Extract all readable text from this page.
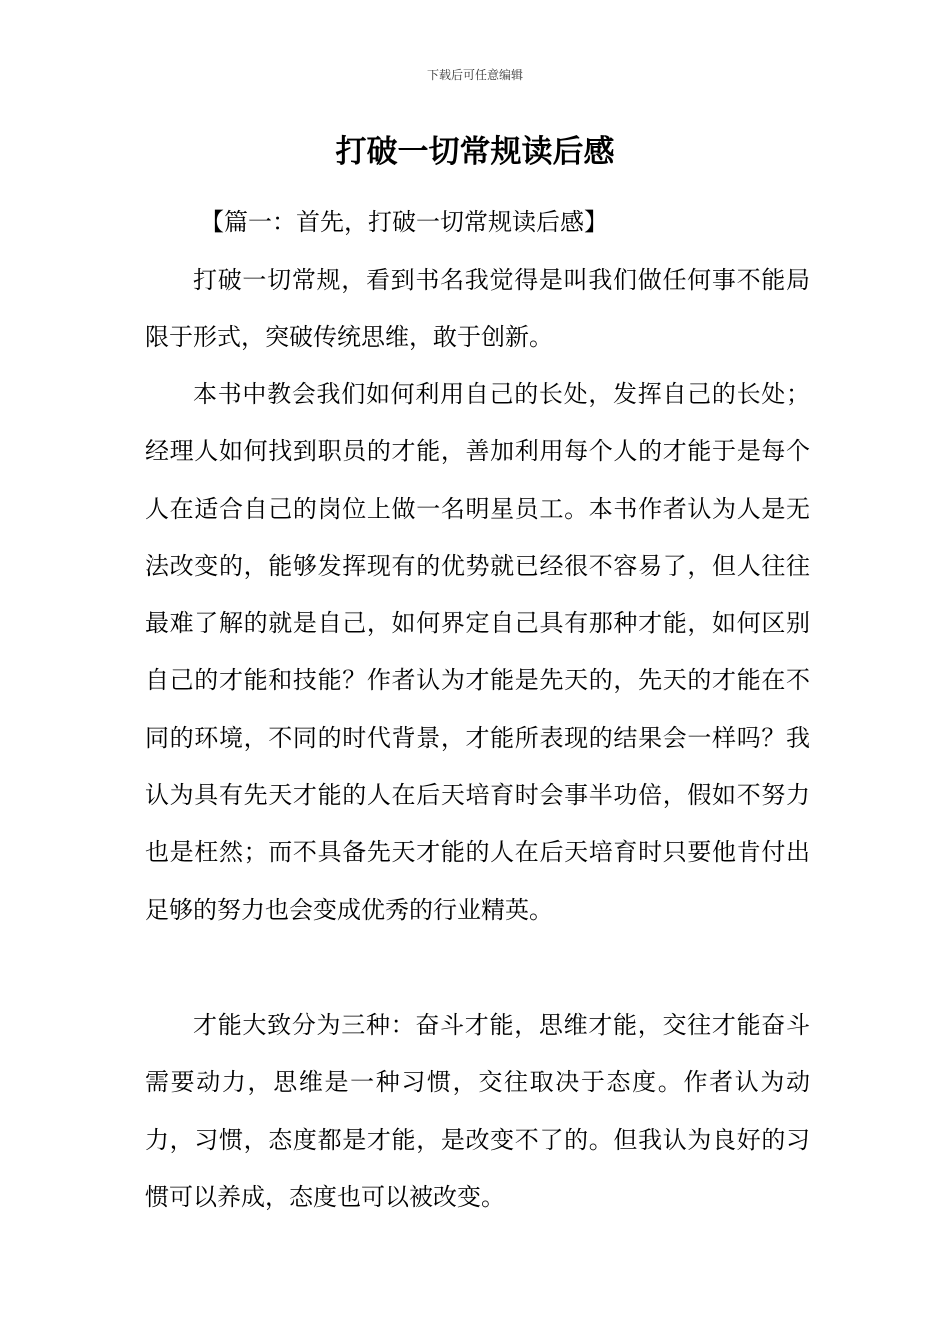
下载后可任意编辑
打破一切常规读后感

【篇一：首先，打破一切常规读后感】

打破一切常规，看到书名我觉得是叫我们做任何事不能局限于形式，突破传统思维，敢于创新。

本书中教会我们如何利用自己的长处，发挥自己的长处；经理人如何找到职员的才能，善加利用每个人的才能于是每个人在适合自己的岗位上做一名明星员工。本书作者认为人是无法改变的，能够发挥现有的优势就已经很不容易了，但人往往最难了解的就是自己，如何界定自己具有那种才能，如何区别自己的才能和技能？作者认为才能是先天的，先天的才能在不同的环境，不同的时代背景，才能所表现的结果会一样吗？我认为具有先天才能的人在后天培育时会事半功倍，假如不努力也是枉然；而不具备先天才能的人在后天培育时只要他肯付出足够的努力也会变成优秀的行业精英。

才能大致分为三种：奋斗才能，思维才能，交往才能奋斗需要动力，思维是一种习惯，交往取决于态度。作者认为动力，习惯，态度都是才能，是改变不了的。但我认为良好的习惯可以养成，态度也可以被改变。
